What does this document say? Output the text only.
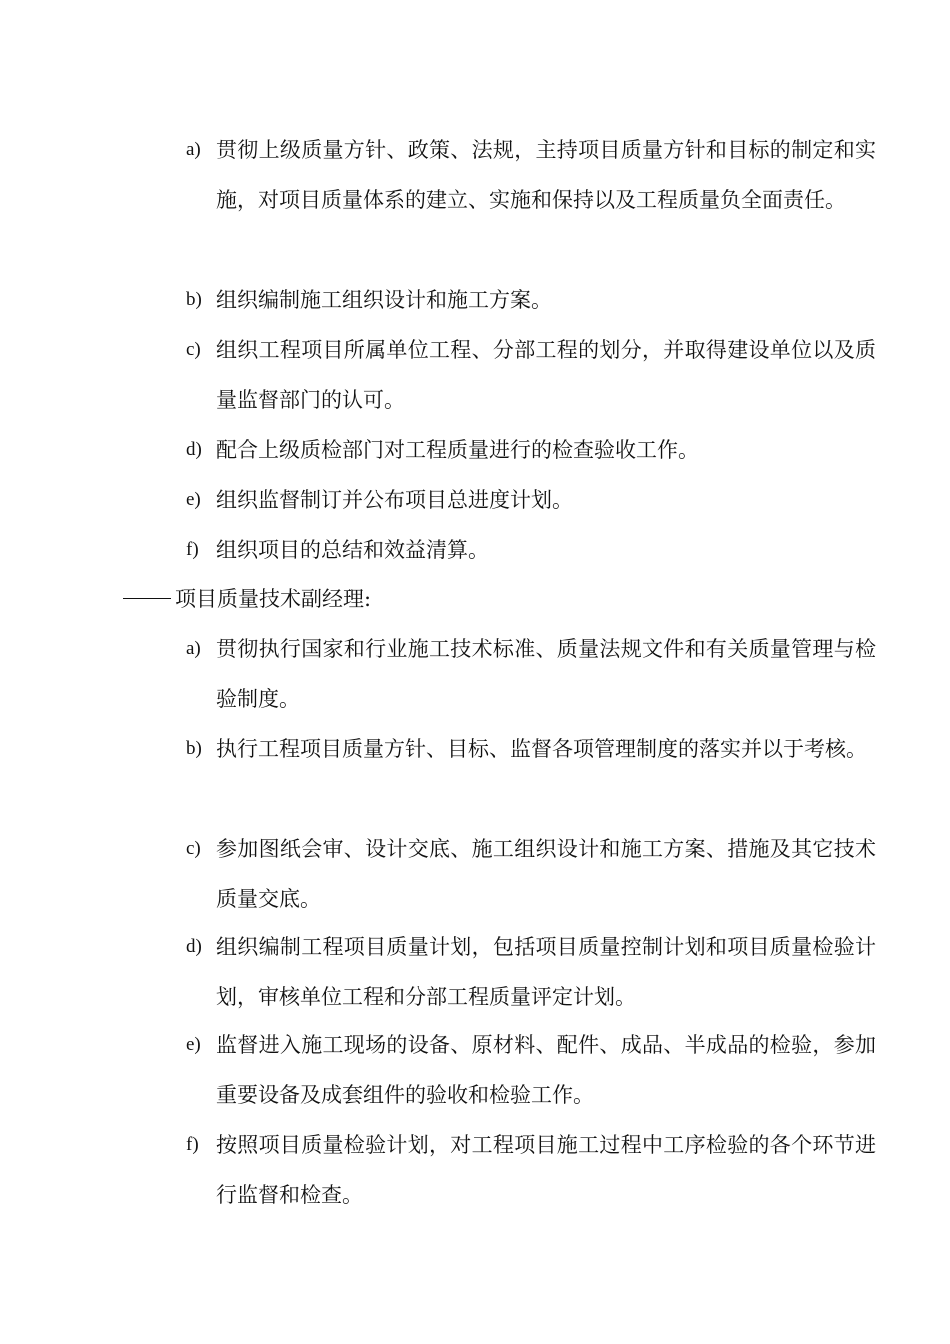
a) 贯彻上级质量方针、政策、法规，主持项目质量方针和目标的制定和实施，对项目质量体系的建立、实施和保持以及工程质量负全面责任。
b) 组织编制施工组织设计和施工方案。
c) 组织工程项目所属单位工程、分部工程的划分，并取得建设单位以及质量监督部门的认可。
d) 配合上级质检部门对工程质量进行的检查验收工作。
e) 组织监督制订并公布项目总进度计划。
f) 组织项目的总结和效益清算。
项目质量技术副经理:
a) 贯彻执行国家和行业施工技术标准、质量法规文件和有关质量管理与检验制度。
b) 执行工程项目质量方针、目标、监督各项管理制度的落实并以于考核。
c) 参加图纸会审、设计交底、施工组织设计和施工方案、措施及其它技术质量交底。
d) 组织编制工程项目质量计划，包括项目质量控制计划和项目质量检验计划，审核单位工程和分部工程质量评定计划。
e) 监督进入施工现场的设备、原材料、配件、成品、半成品的检验，参加重要设备及成套组件的验收和检验工作。
f) 按照项目质量检验计划，对工程项目施工过程中工序检验的各个环节进行监督和检查。
